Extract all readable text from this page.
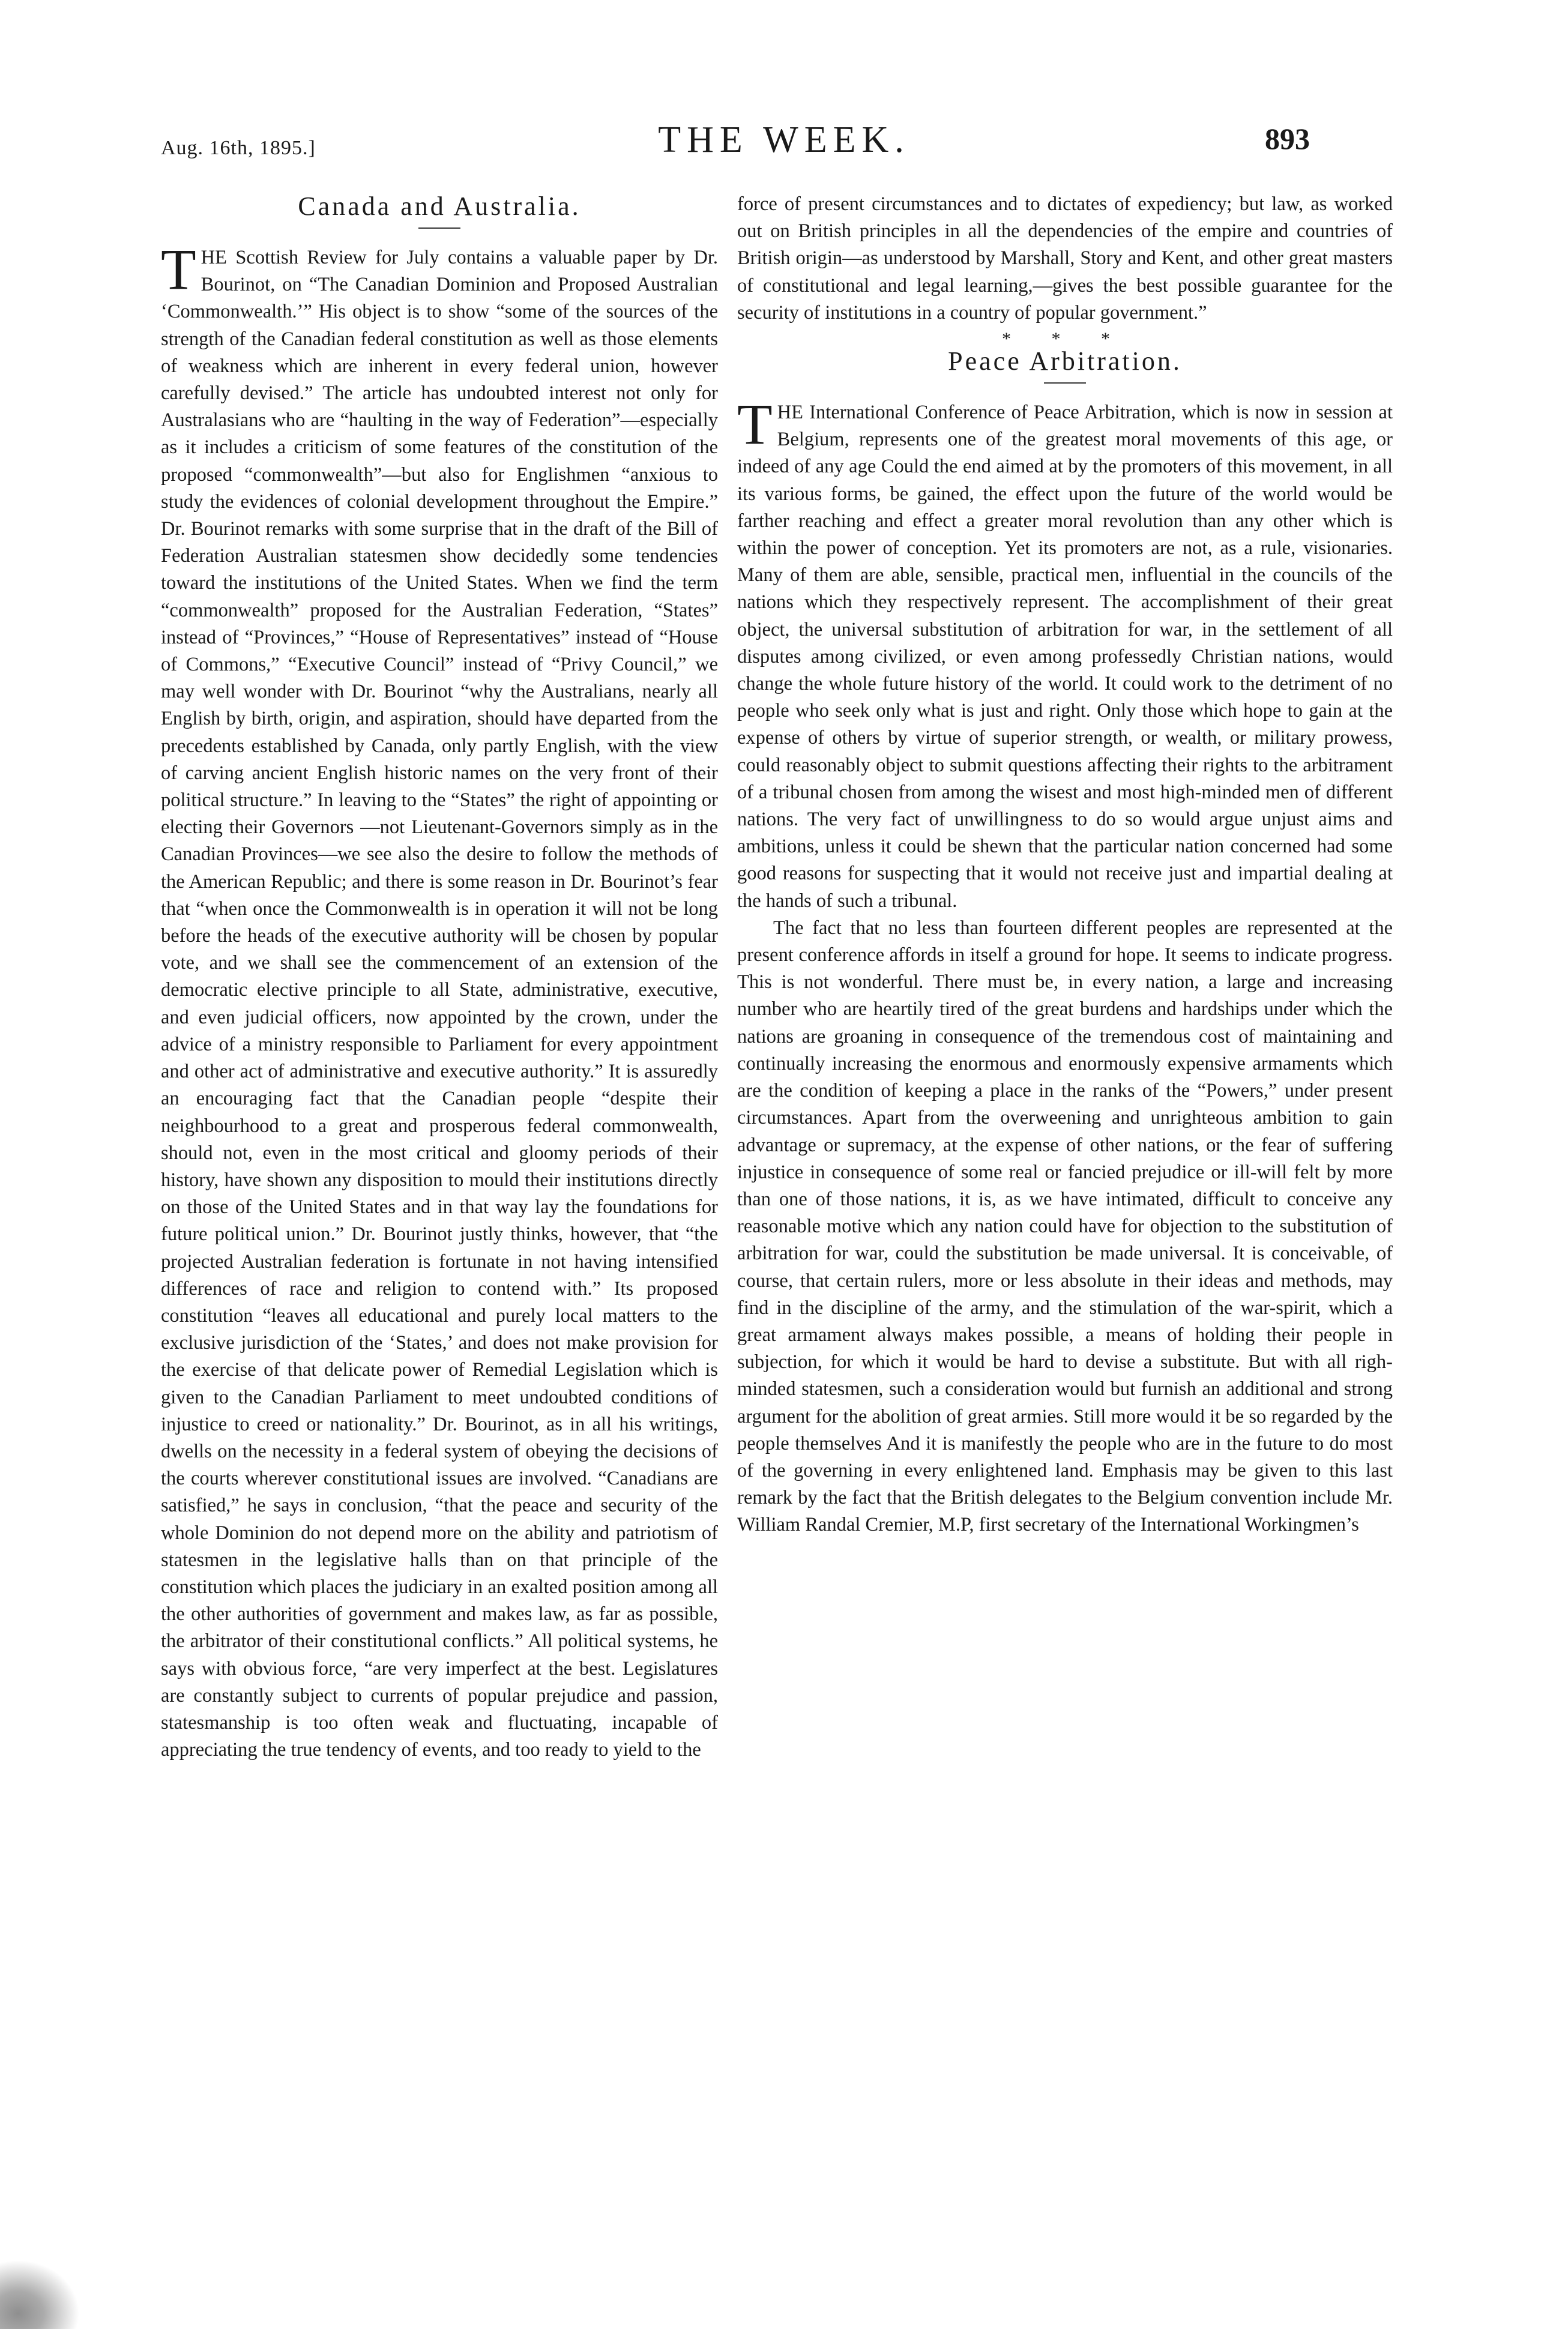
Aug. 16th, 1895.]	THE WEEK.	893
Canada and Australia.

THE Scottish Review for July contains a valuable paper by Dr. Bourinot, on “The Canadian Dominion and Proposed Australian ‘Commonwealth.’” His object is to show “some of the sources of the strength of the Canadian federal constitution as well as those elements of weakness which are inherent in every federal union, however carefully devised.” The article has undoubted interest not only for Australasians who are “haulting in the way of Federation”—especially as it includes a criticism of some features of the constitution of the proposed “commonwealth”—but also for Englishmen “anxious to study the evidences of colonial development throughout the Empire.” Dr. Bourinot remarks with some surprise that in the draft of the Bill of Federation Australian statesmen show decidedly some tendencies toward the institutions of the United States. When we find the term “commonwealth” proposed for the Australian Federation, “States” instead of “Provinces,” “House of Representatives” instead of “House of Commons,” “Executive Council” instead of “Privy Council,” we may well wonder with Dr. Bourinot “why the Australians, nearly all English by birth, origin, and aspiration, should have departed from the precedents established by Canada, only partly English, with the view of carving ancient English historic names on the very front of their political structure.” In leaving to the “States” the right of appointing or electing their Governors —not Lieutenant-Governors simply as in the Canadian Provinces—we see also the desire to follow the methods of the American Republic; and there is some reason in Dr. Bourinot’s fear that “when once the Commonwealth is in operation it will not be long before the heads of the executive authority will be chosen by popular vote, and we shall see the commencement of an extension of the democratic elective principle to all State, administrative, executive, and even judicial officers, now appointed by the crown, under the advice of a ministry responsible to Parliament for every appointment and other act of administrative and executive authority.” It is assuredly an encouraging fact that the Canadian people “despite their neighbourhood to a great and prosperous federal commonwealth, should not, even in the most critical and gloomy periods of their history, have shown any disposition to mould their institutions directly on those of the United States and in that way lay the foundations for future political union.” Dr. Bourinot justly thinks, however, that “the projected Australian federation is fortunate in not having intensified differences of race and religion to contend with.” Its proposed constitution “leaves all educational and purely local matters to the exclusive jurisdiction of the ‘States,’ and does not make provision for the exercise of that delicate power of Remedial Legislation which is given to the Canadian Parliament to meet undoubted conditions of injustice to creed or nationality.” Dr. Bourinot, as in all his writings, dwells on the necessity in a federal system of obeying the decisions of the courts wherever constitutional issues are involved. “Canadians are satisfied,” he says in conclusion, “that the peace and security of the whole Dominion do not depend more on the ability and patriotism of statesmen in the legislative halls than on that principle of the constitution which places the judiciary in an exalted position among all the other authorities of government and makes law, as far as possible, the arbitrator of their constitutional conflicts.” All political systems, he says with obvious force, “are very imperfect at the best. Legislatures are constantly subject to currents of popular prejudice and passion, statesmanship is too often weak and fluctuating, incapable of appreciating the true tendency of events, and too ready to yield to the

force of present circumstances and to dictates of expediency; but law, as worked out on British principles in all the dependencies of the empire and countries of British origin—as understood by Marshall, Story and Kent, and other great masters of constitutional and legal learning,—gives the best possible guarantee for the security of institutions in a country of popular government.”

* * *
Peace Arbitration.

THE International Conference of Peace Arbitration, which is now in session at Belgium, represents one of the greatest moral movements of this age, or indeed of any age Could the end aimed at by the promoters of this movement, in all its various forms, be gained, the effect upon the future of the world would be farther reaching and effect a greater moral revolution than any other which is within the power of conception. Yet its promoters are not, as a rule, visionaries. Many of them are able, sensible, practical men, influential in the councils of the nations which they respectively represent. The accomplishment of their great object, the universal substitution of arbitration for war, in the settlement of all disputes among civilized, or even among professedly Christian nations, would change the whole future history of the world. It could work to the detriment of no people who seek only what is just and right. Only those which hope to gain at the expense of others by virtue of superior strength, or wealth, or military prowess, could reasonably object to submit questions affecting their rights to the arbitrament of a tribunal chosen from among the wisest and most high-minded men of different nations. The very fact of unwillingness to do so would argue unjust aims and ambitions, unless it could be shewn that the particular nation concerned had some good reasons for suspecting that it would not receive just and impartial dealing at the hands of such a tribunal.

The fact that no less than fourteen different peoples are represented at the present conference affords in itself a ground for hope. It seems to indicate progress. This is not wonderful. There must be, in every nation, a large and increasing number who are heartily tired of the great burdens and hardships under which the nations are groaning in consequence of the tremendous cost of maintaining and continually increasing the enormous and enormously expensive armaments which are the condition of keeping a place in the ranks of the “Powers,” under present circumstances. Apart from the overweening and unrighteous ambition to gain advantage or supremacy, at the expense of other nations, or the fear of suffering injustice in consequence of some real or fancied prejudice or ill-will felt by more than one of those nations, it is, as we have intimated, difficult to conceive any reasonable motive which any nation could have for objection to the substitution of arbitration for war, could the substitution be made universal. It is conceivable, of course, that certain rulers, more or less absolute in their ideas and methods, may find in the discipline of the army, and the stimulation of the war-spirit, which a great armament always makes possible, a means of holding their people in subjection, for which it would be hard to devise a substitute. But with all righ-minded statesmen, such a consideration would but furnish an additional and strong argument for the abolition of great armies. Still more would it be so regarded by the people themselves And it is manifestly the people who are in the future to do most of the governing in every enlightened land. Emphasis may be given to this last remark by the fact that the British delegates to the Belgium convention include Mr. William Randal Cremier, M.P, first secretary of the International Workingmen’s
